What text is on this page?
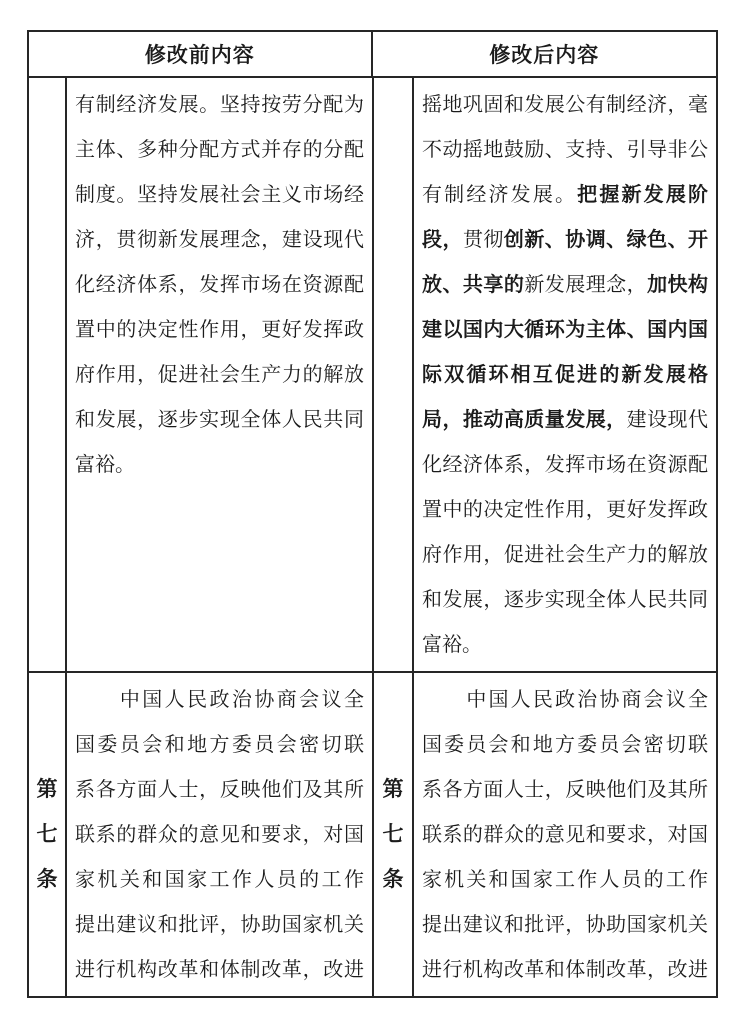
修改前内容	修改后内容
有制经济发展。坚持按劳分配为
主体、多种分配方式并存的分配
制度。坚持发展社会主义市场经
济，贯彻新发展理念，建设现代
化经济体系，发挥市场在资源配
置中的决定性作用，更好发挥政
府作用，促进社会生产力的解放
和发展，逐步实现全体人民共同
富裕。
摇地巩固和发展公有制经济，毫
不动摇地鼓励、支持、引导非公
有制经济发展。把握新发展阶
段，贯彻创新、协调、绿色、开
放、共享的新发展理念，加快构
建以国内大循环为主体、国内国
际双循环相互促进的新发展格
局，推动高质量发展，建设现代
化经济体系，发挥市场在资源配
置中的决定性作用，更好发挥政
府作用，促进社会生产力的解放
和发展，逐步实现全体人民共同
富裕。
第
七
条
　　中国人民政治协商会议全
国委员会和地方委员会密切联
系各方面人士，反映他们及其所
联系的群众的意见和要求，对国
家机关和国家工作人员的工作
提出建议和批评，协助国家机关
进行机构改革和体制改革，改进
第
七
条
　　中国人民政治协商会议全
国委员会和地方委员会密切联
系各方面人士，反映他们及其所
联系的群众的意见和要求，对国
家机关和国家工作人员的工作
提出建议和批评，协助国家机关
进行机构改革和体制改革，改进
